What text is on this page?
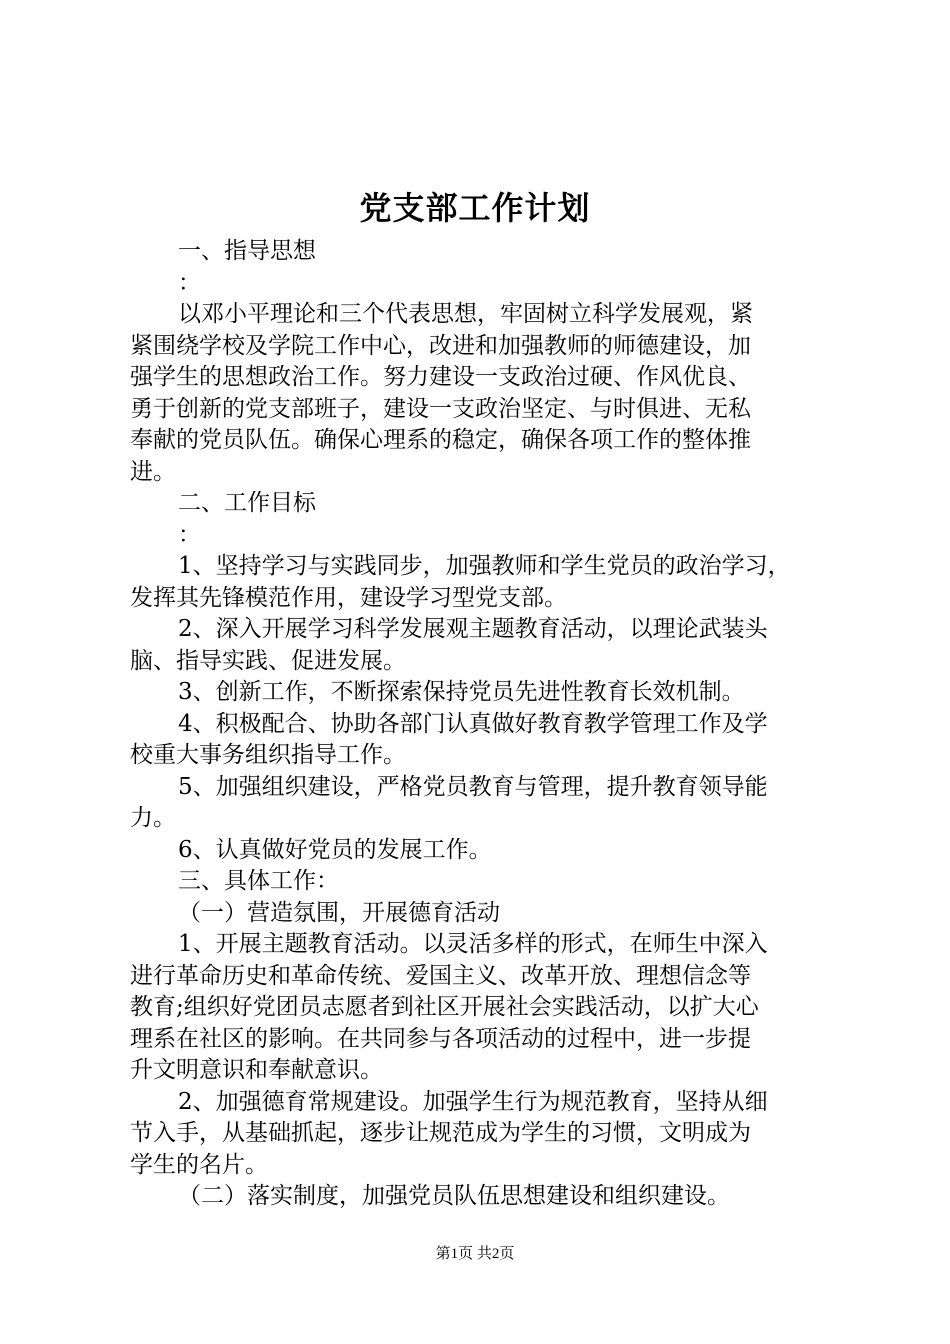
党支部工作计划
一、指导思想
：
以邓小平理论和三个代表思想，牢固树立科学发展观，紧
紧围绕学校及学院工作中心，改进和加强教师的师德建设，加
强学生的思想政治工作。努力建设一支政治过硬、作风优良、
勇于创新的党支部班子，建设一支政治坚定、与时俱进、无私
奉献的党员队伍。确保心理系的稳定，确保各项工作的整体推
进。
二、工作目标
：
1、坚持学习与实践同步，加强教师和学生党员的政治学习，
发挥其先锋模范作用，建设学习型党支部。
2、深入开展学习科学发展观主题教育活动，以理论武装头
脑、指导实践、促进发展。
3、创新工作，不断探索保持党员先进性教育长效机制。
4、积极配合、协助各部门认真做好教育教学管理工作及学
校重大事务组织指导工作。
5、加强组织建设，严格党员教育与管理，提升教育领导能
力。
6、认真做好党员的发展工作。
三、具体工作：
（一）营造氛围，开展德育活动
1、开展主题教育活动。以灵活多样的形式，在师生中深入
进行革命历史和革命传统、爱国主义、改革开放、理想信念等
教育;组织好党团员志愿者到社区开展社会实践活动，以扩大心
理系在社区的影响。在共同参与各项活动的过程中，进一步提
升文明意识和奉献意识。
2、加强德育常规建设。加强学生行为规范教育，坚持从细
节入手，从基础抓起，逐步让规范成为学生的习惯，文明成为
学生的名片。
（二）落实制度，加强党员队伍思想建设和组织建设。
第1页 共2页
